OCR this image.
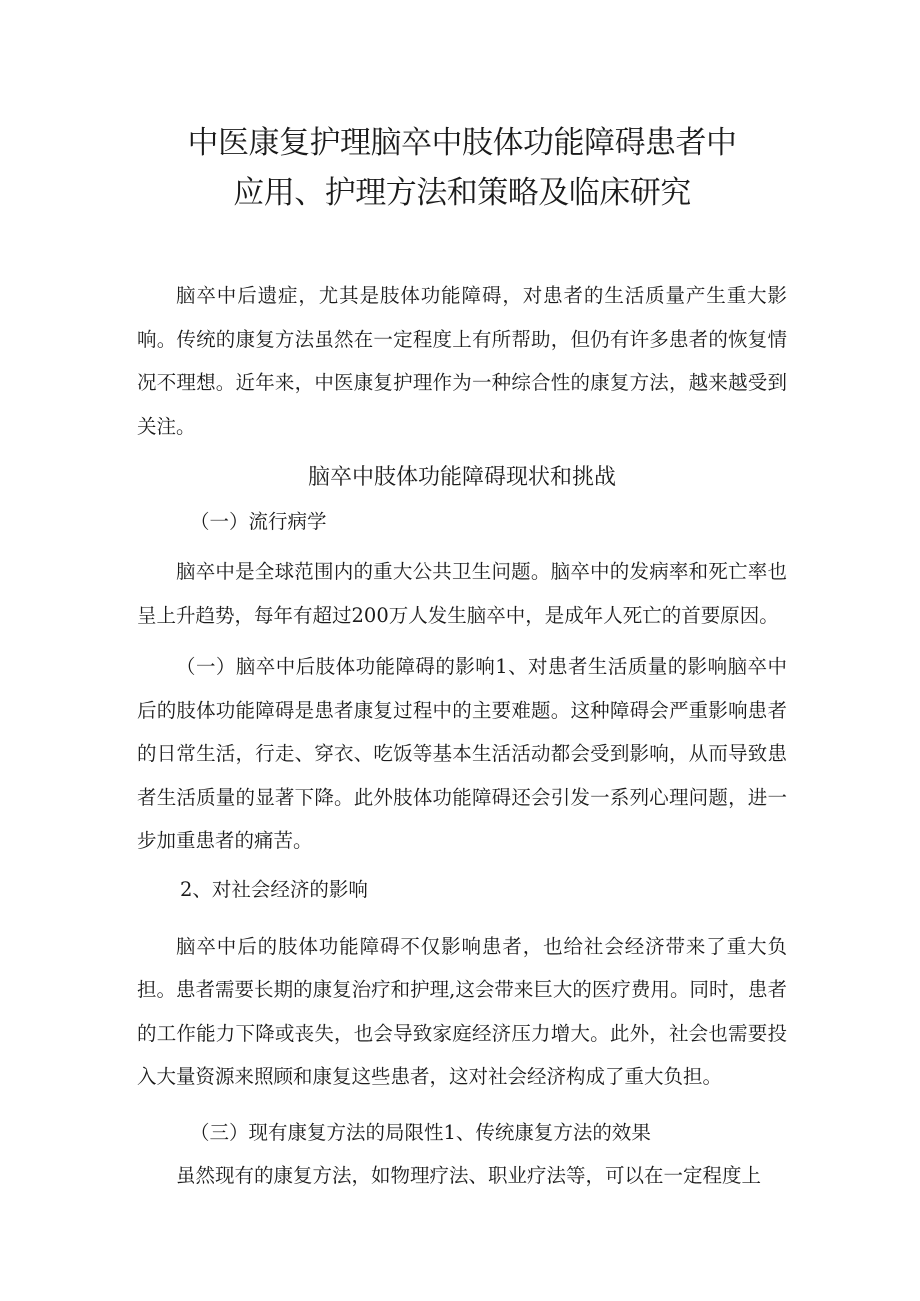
中医康复护理脑卒中肢体功能障碍患者中
应用、护理方法和策略及临床研究

脑卒中后遗症，尤其是肢体功能障碍，对患者的生活质量产生重大影响。传统的康复方法虽然在一定程度上有所帮助，但仍有许多患者的恢复情况不理想。近年来，中医康复护理作为一种综合性的康复方法，越来越受到关注。

脑卒中肢体功能障碍现状和挑战

（一）流行病学

脑卒中是全球范围内的重大公共卫生问题。脑卒中的发病率和死亡率也呈上升趋势，每年有超过200万人发生脑卒中，是成年人死亡的首要原因。

（一）脑卒中后肢体功能障碍的影响1、对患者生活质量的影响脑卒中后的肢体功能障碍是患者康复过程中的主要难题。这种障碍会严重影响患者的日常生活，行走、穿衣、吃饭等基本生活活动都会受到影响，从而导致患者生活质量的显著下降。此外肢体功能障碍还会引发一系列心理问题，进一步加重患者的痛苦。

2、对社会经济的影响

脑卒中后的肢体功能障碍不仅影响患者，也给社会经济带来了重大负担。患者需要长期的康复治疗和护理,这会带来巨大的医疗费用。同时，患者的工作能力下降或丧失，也会导致家庭经济压力增大。此外，社会也需要投入大量资源来照顾和康复这些患者，这对社会经济构成了重大负担。

（三）现有康复方法的局限性1、传统康复方法的效果

虽然现有的康复方法，如物理疗法、职业疗法等，可以在一定程度上
